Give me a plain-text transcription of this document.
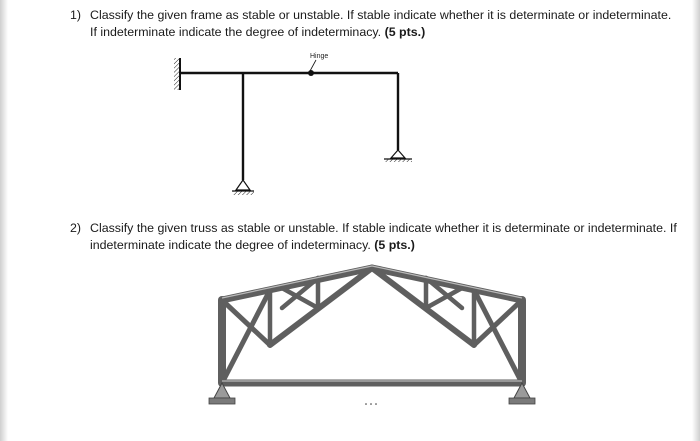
1) Classify the given frame as stable or unstable. If stable indicate whether it is determinate or indeterminate. If indeterminate indicate the degree of indeterminacy. (5 pts.)
2) Classify the given truss as stable or unstable. If stable indicate whether it is determinate or indeterminate. If indeterminate indicate the degree of indeterminacy. (5 pts.)
Hinge
